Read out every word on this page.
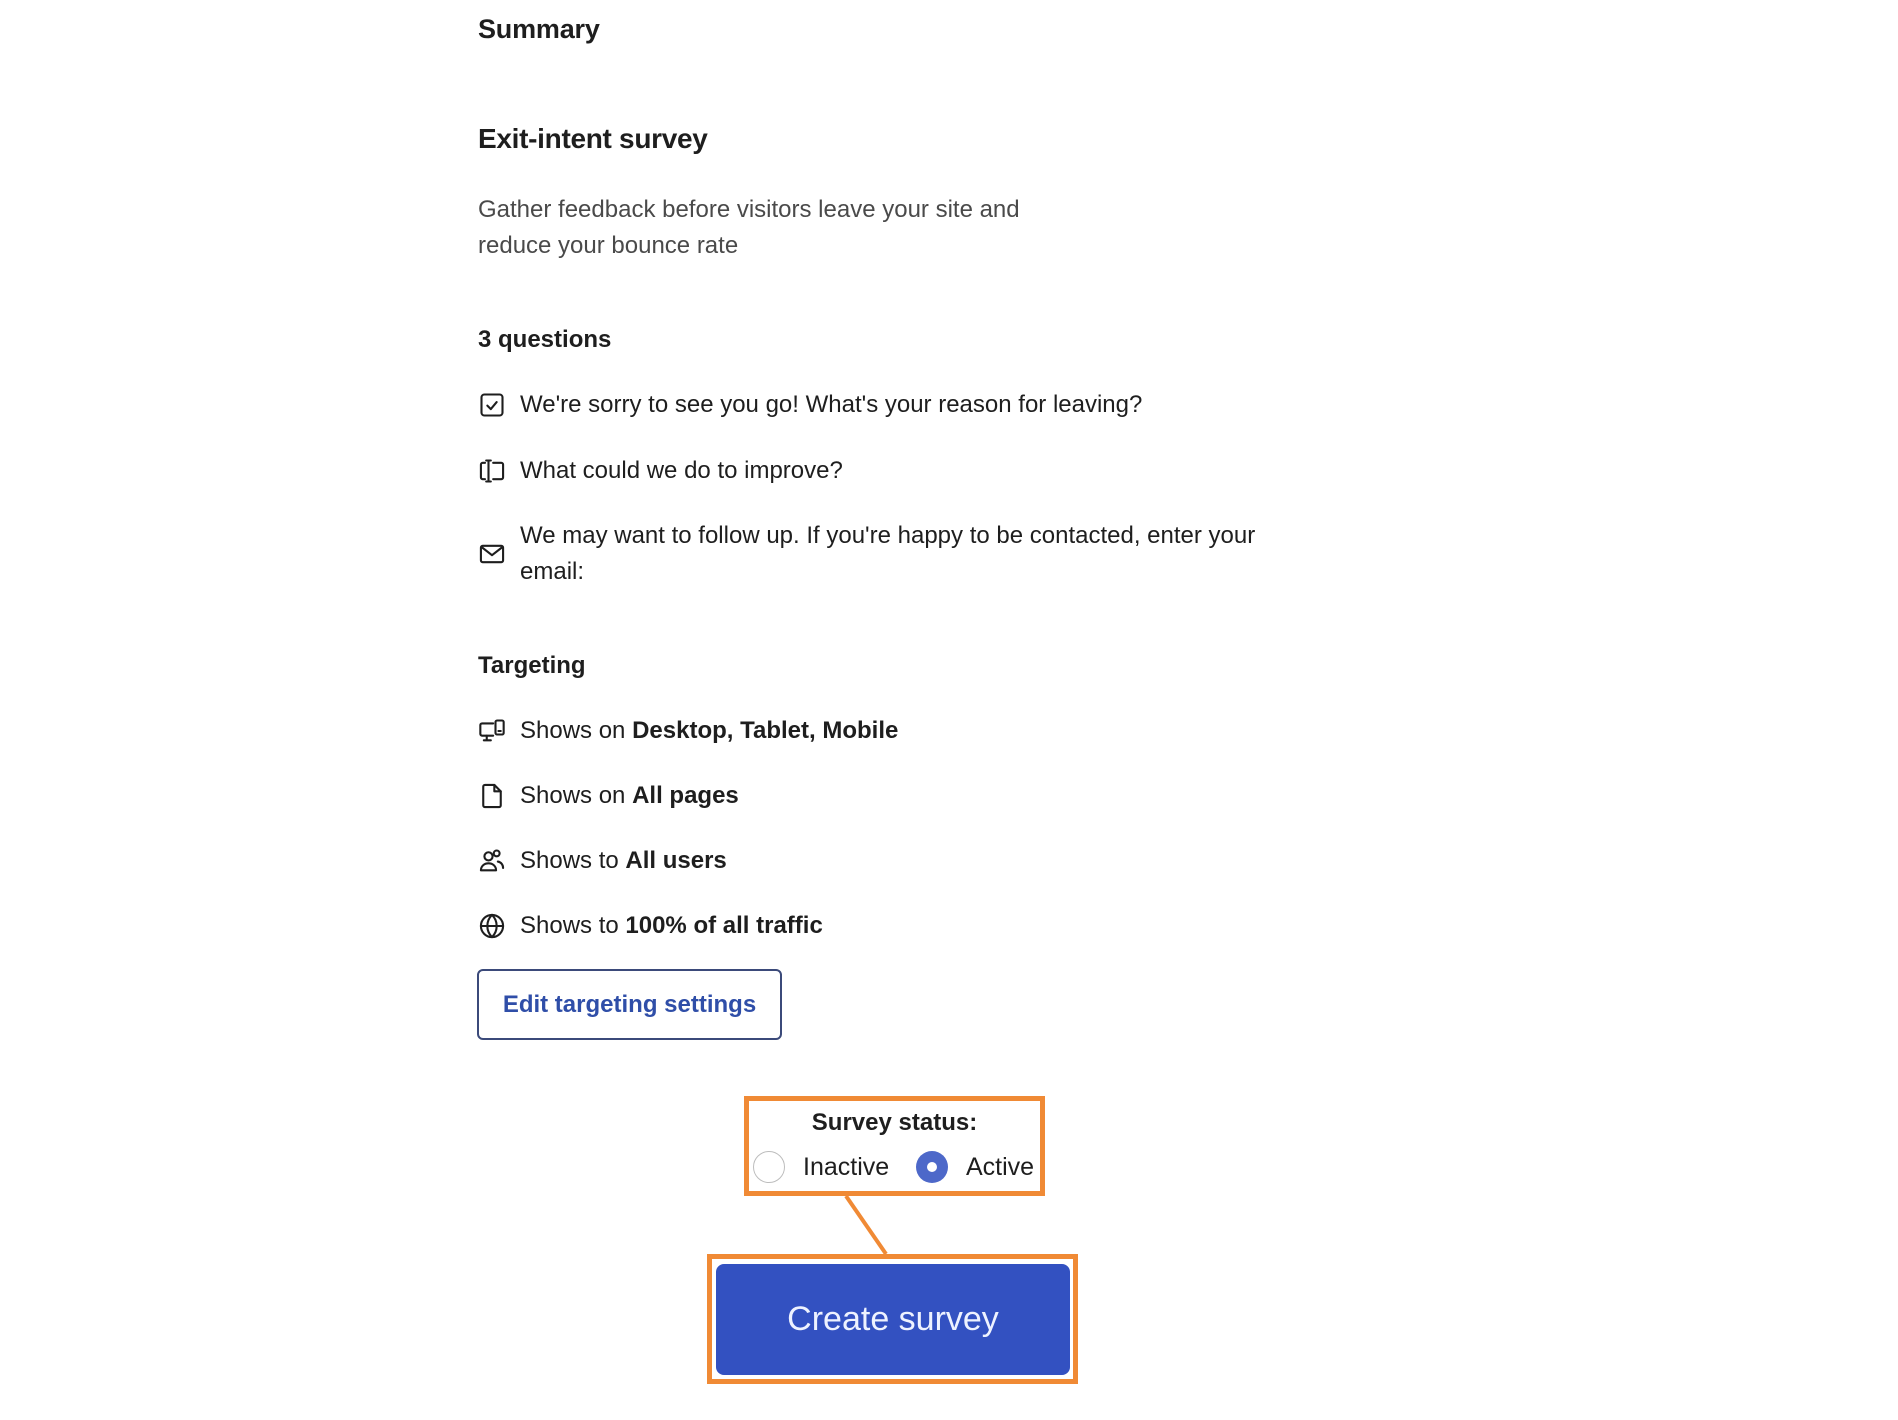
Summary
Exit-intent survey
Gather feedback before visitors leave your site and reduce your bounce rate
3 questions
We're sorry to see you go! What's your reason for leaving?
What could we do to improve?
We may want to follow up. If you're happy to be contacted, enter your email:
Targeting
Shows on Desktop, Tablet, Mobile
Shows on All pages
Shows to All users
Shows to 100% of all traffic
Edit targeting settings
Survey status:
Inactive	Active
Create survey
